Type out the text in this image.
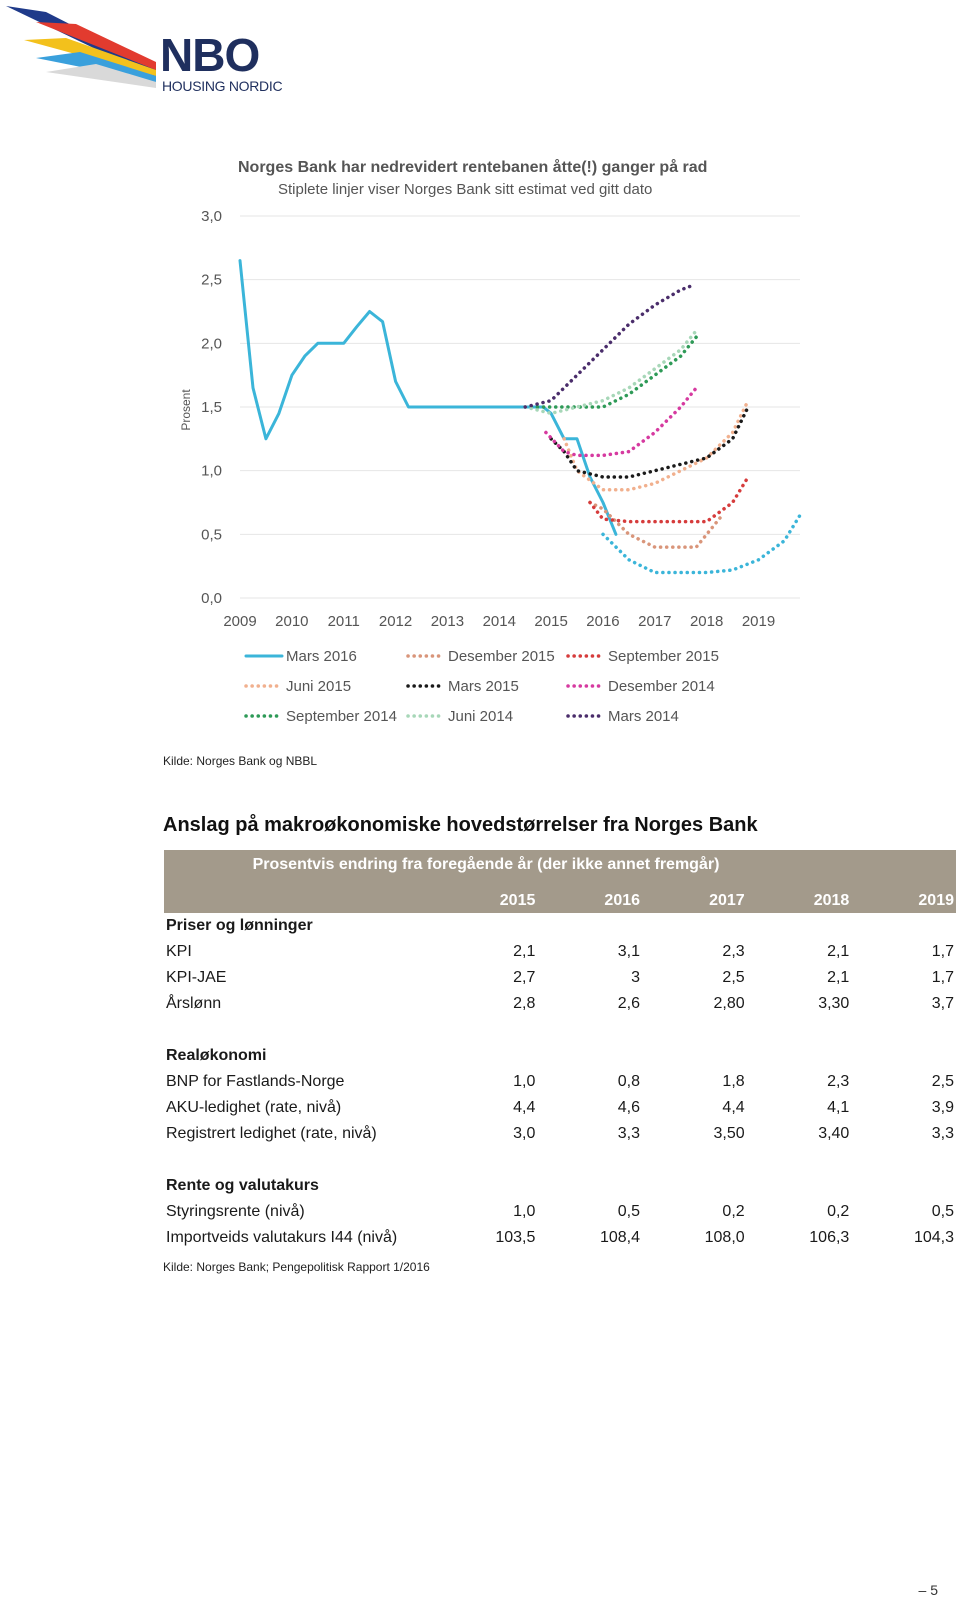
NBO
HOUSING NORDIC
Norges Bank har nedrevidert rentebanen åtte(!) ganger på rad
Stiplete linjer viser Norges Bank sitt estimat ved gitt dato
Prosent
0,0
0,5
1,0
1,5
2,0
2,5
3,0
2009 2010 2011 2012 2013 2014 2015 2016 2017 2018 2019
Mars 2016	Desember 2015	September 2015
Juni 2015	Mars 2015	Desember 2014
September 2014	Juni 2014	Mars 2014
Kilde: Norges Bank og NBBL
Anslag på makroøkonomiske hovedstørrelser fra Norges Bank
Prosentvis endring fra foregående år (der ikke annet fremgår)					
	2015	2016	2017	2018	2019
Priser og lønninger					
KPI	2,1	3,1	2,3	2,1	1,7
KPI-JAE	2,7	3	2,5	2,1	1,7
Årslønn	2,8	2,6	2,80	3,30	3,7

Realøkonomi					
BNP for Fastlands-Norge	1,0	0,8	1,8	2,3	2,5
AKU-ledighet (rate, nivå)	4,4	4,6	4,4	4,1	3,9
Registrert ledighet (rate, nivå)	3,0	3,3	3,50	3,40	3,3

Rente og valutakurs					
Styringsrente (nivå)	1,0	0,5	0,2	0,2	0,5
Importveids valutakurs I44 (nivå)	103,5	108,4	108,0	106,3	104,3
Kilde: Norges Bank; Pengepolitisk Rapport 1/2016
– 5
